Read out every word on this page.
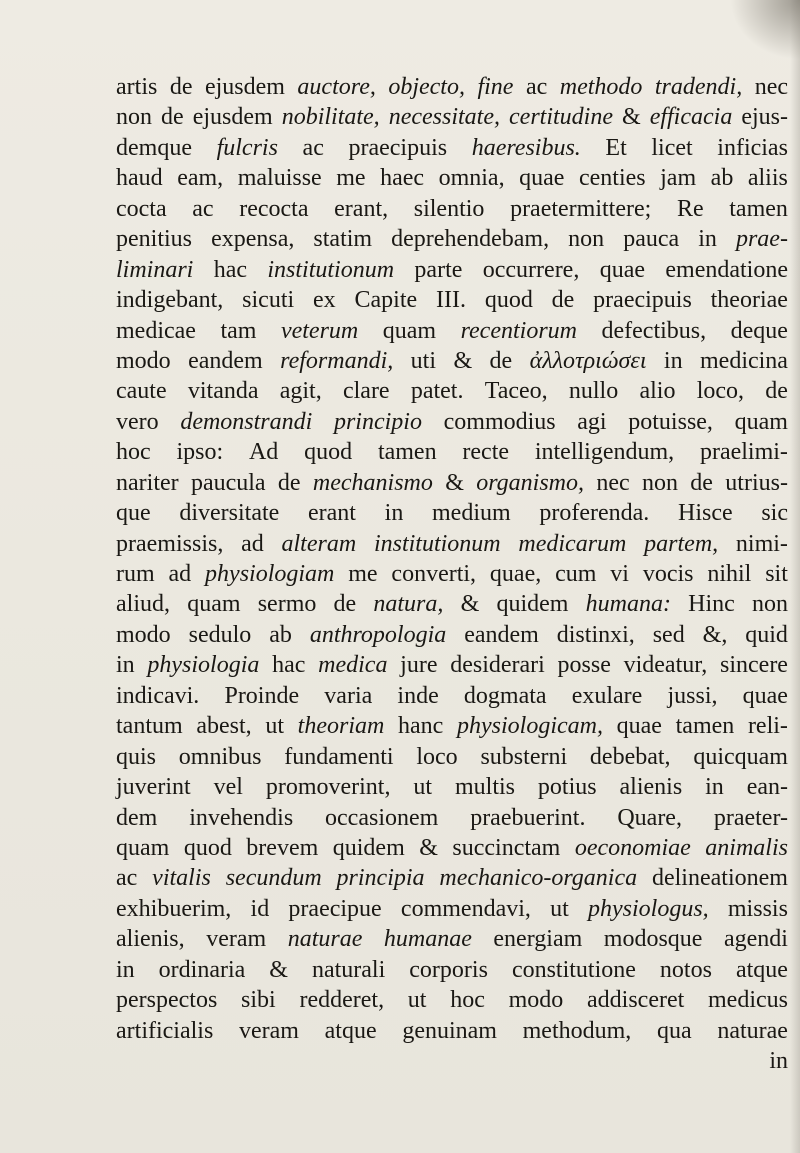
artis de ejusdem auctore, objecto, fine ac methodo tradendi, nec
non de ejusdem nobilitate, necessitate, certitudine & efficacia ejus-
demque fulcris ac praecipuis haeresibus. Et licet inficias
haud eam, maluisse me haec omnia, quae centies jam ab aliis
cocta ac recocta erant, silentio praetermittere; Re tamen
penitius expensa, statim deprehendebam, non pauca in prae-
liminari hac institutionum parte occurrere, quae emendatione
indigebant, sicuti ex Capite III. quod de praecipuis theoriae
medicae tam veterum quam recentiorum defectibus, deque
modo eandem reformandi, uti & de ἀλλοτριώσει in medicina
caute vitanda agit, clare patet. Taceo, nullo alio loco, de
vero demonstrandi principio commodius agi potuisse, quam
hoc ipso: Ad quod tamen recte intelligendum, praelimi-
nariter paucula de mechanismo & organismo, nec non de utrius-
que diversitate erant in medium proferenda. Hisce sic
praemissis, ad alteram institutionum medicarum partem, nimi-
rum ad physiologiam me converti, quae, cum vi vocis nihil sit
aliud, quam sermo de natura, & quidem humana: Hinc non
modo sedulo ab anthropologia eandem distinxi, sed &, quid
in physiologia hac medica jure desiderari posse videatur, sincere
indicavi. Proinde varia inde dogmata exulare jussi, quae
tantum abest, ut theoriam hanc physiologicam, quae tamen reli-
quis omnibus fundamenti loco substerni debebat, quicquam
juverint vel promoverint, ut multis potius alienis in ean-
dem invehendis occasionem praebuerint. Quare, praeter-
quam quod brevem quidem & succinctam oeconomiae animalis
ac vitalis secundum principia mechanico-organica delineationem
exhibuerim, id praecipue commendavi, ut physiologus, missis
alienis, veram naturae humanae energiam modosque agendi
in ordinaria & naturali corporis constitutione notos atque
perspectos sibi redderet, ut hoc modo addisceret medicus
artificialis veram atque genuinam methodum, qua naturae
in
